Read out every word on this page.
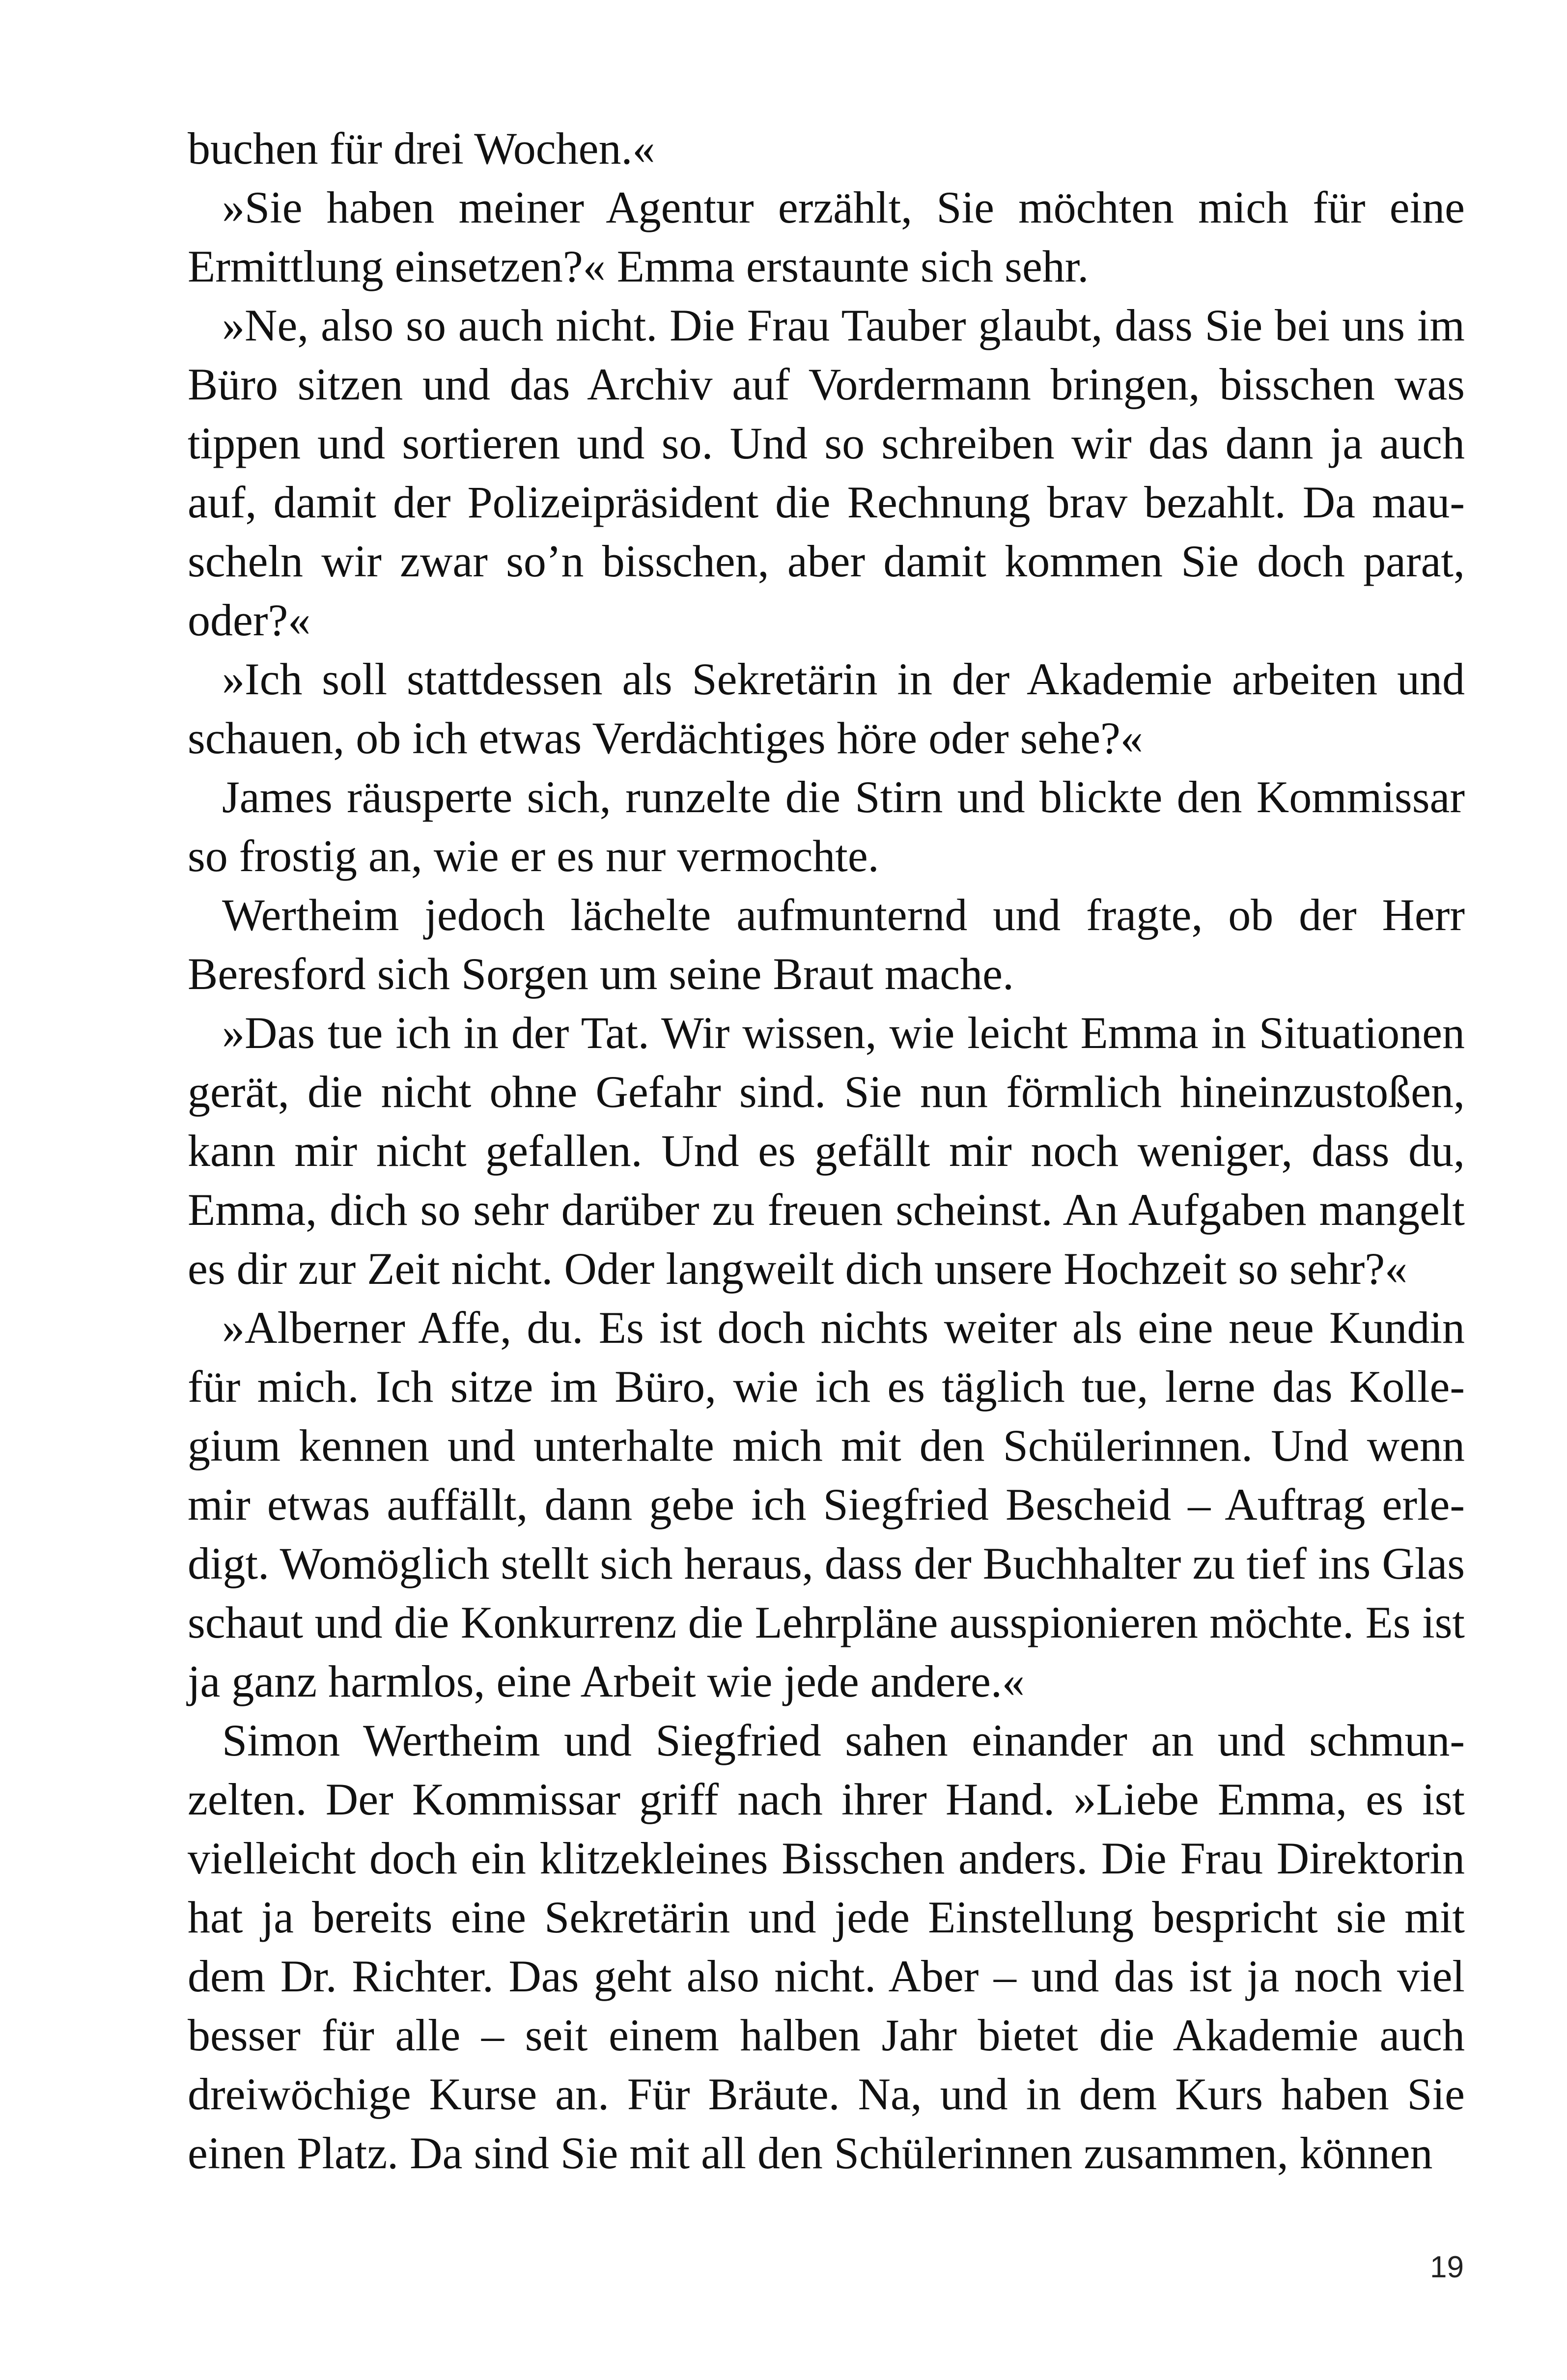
buchen für drei Wochen.«

»Sie haben meiner Agentur erzählt, Sie möchten mich für eine Ermittlung einsetzen?« Emma erstaunte sich sehr.

»Ne, also so auch nicht. Die Frau Tauber glaubt, dass Sie bei uns im Büro sitzen und das Archiv auf Vordermann bringen, bisschen was tippen und sortieren und so. Und so schreiben wir das dann ja auch auf, damit der Polizeipräsident die Rechnung brav bezahlt. Da mauscheln wir zwar so’n bisschen, aber damit kommen Sie doch parat, oder?«

»Ich soll stattdessen als Sekretärin in der Akademie arbeiten und schauen, ob ich etwas Verdächtiges höre oder sehe?«

James räusperte sich, runzelte die Stirn und blickte den Kommissar so frostig an, wie er es nur vermochte.

Wertheim jedoch lächelte aufmunternd und fragte, ob der Herr Beresford sich Sorgen um seine Braut mache.

»Das tue ich in der Tat. Wir wissen, wie leicht Emma in Situationen gerät, die nicht ohne Gefahr sind. Sie nun förmlich hineinzustoßen, kann mir nicht gefallen. Und es gefällt mir noch weniger, dass du, Emma, dich so sehr darüber zu freuen scheinst. An Aufgaben mangelt es dir zur Zeit nicht. Oder langweilt dich unsere Hochzeit so sehr?«

»Alberner Affe, du. Es ist doch nichts weiter als eine neue Kundin für mich. Ich sitze im Büro, wie ich es täglich tue, lerne das Kollegium kennen und unterhalte mich mit den Schülerinnen. Und wenn mir etwas auffällt, dann gebe ich Siegfried Bescheid – Auftrag erledigt. Womöglich stellt sich heraus, dass der Buchhalter zu tief ins Glas schaut und die Konkurrenz die Lehrpläne ausspionieren möchte. Es ist ja ganz harmlos, eine Arbeit wie jede andere.«

Simon Wertheim und Siegfried sahen einander an und schmunzelten. Der Kommissar griff nach ihrer Hand. »Liebe Emma, es ist vielleicht doch ein klitzekleines Bisschen anders. Die Frau Direktorin hat ja bereits eine Sekretärin und jede Einstellung bespricht sie mit dem Dr. Richter. Das geht also nicht. Aber – und das ist ja noch viel besser für alle – seit einem halben Jahr bietet die Akademie auch dreiwöchige Kurse an. Für Bräute. Na, und in dem Kurs haben Sie einen Platz. Da sind Sie mit all den Schülerinnen zusammen, können

19
